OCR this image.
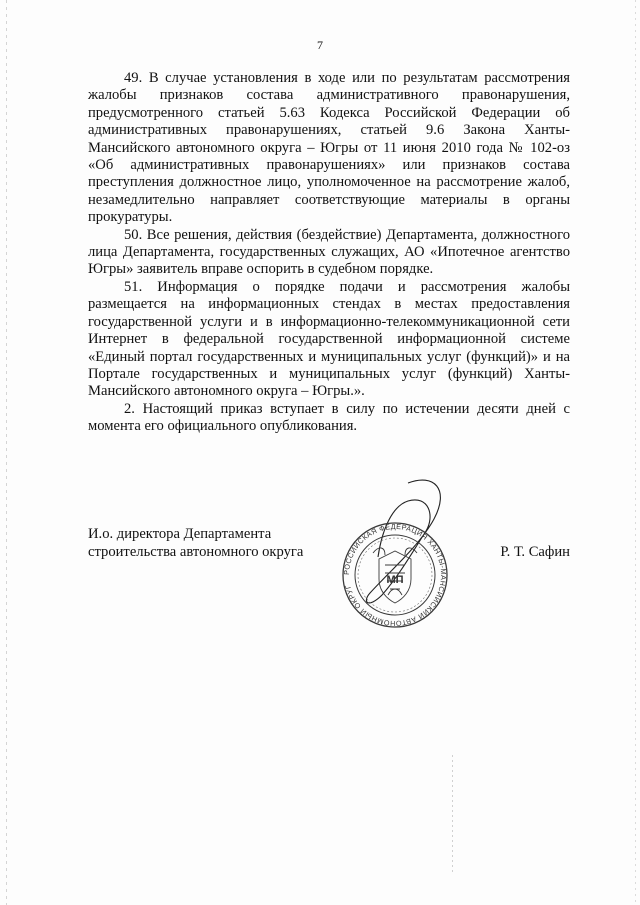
7

49. В случае установления в ходе или по результатам рассмотрения жалобы признаков состава административного правонарушения, предусмотренного статьей 5.63 Кодекса Российской Федерации об административных правонарушениях, статьей 9.6 Закона Ханты-Мансийского автономного округа – Югры от 11 июня 2010 года № 102-оз «Об административных правонарушениях» или признаков состава преступления должностное лицо, уполномоченное на рассмотрение жалоб, незамедлительно направляет соответствующие материалы в органы прокуратуры.

50. Все решения, действия (бездействие) Департамента, должностного лица Департамента, государственных служащих, АО «Ипотечное агентство Югры» заявитель вправе оспорить в судебном порядке.

51. Информация о порядке подачи и рассмотрения жалобы размещается на информационных стендах в местах предоставления государственной услуги и в информационно-телекоммуникационной сети Интернет в федеральной государственной информационной системе «Единый портал государственных и муниципальных услуг (функций)» и на Портале государственных и муниципальных услуг (функций) Ханты-Мансийского автономного округа – Югры.».

2. Настоящий приказ вступает в силу по истечении десяти дней с момента его официального опубликования.

И.о. директора Департамента
строительства автономного округа
РОССИЙСКАЯ ФЕДЕРАЦИЯ ХАНТЫ-МАНСИЙСКИЙ АВТОНОМНЫЙ ОКРУГ
МП
Р. Т. Сафин
